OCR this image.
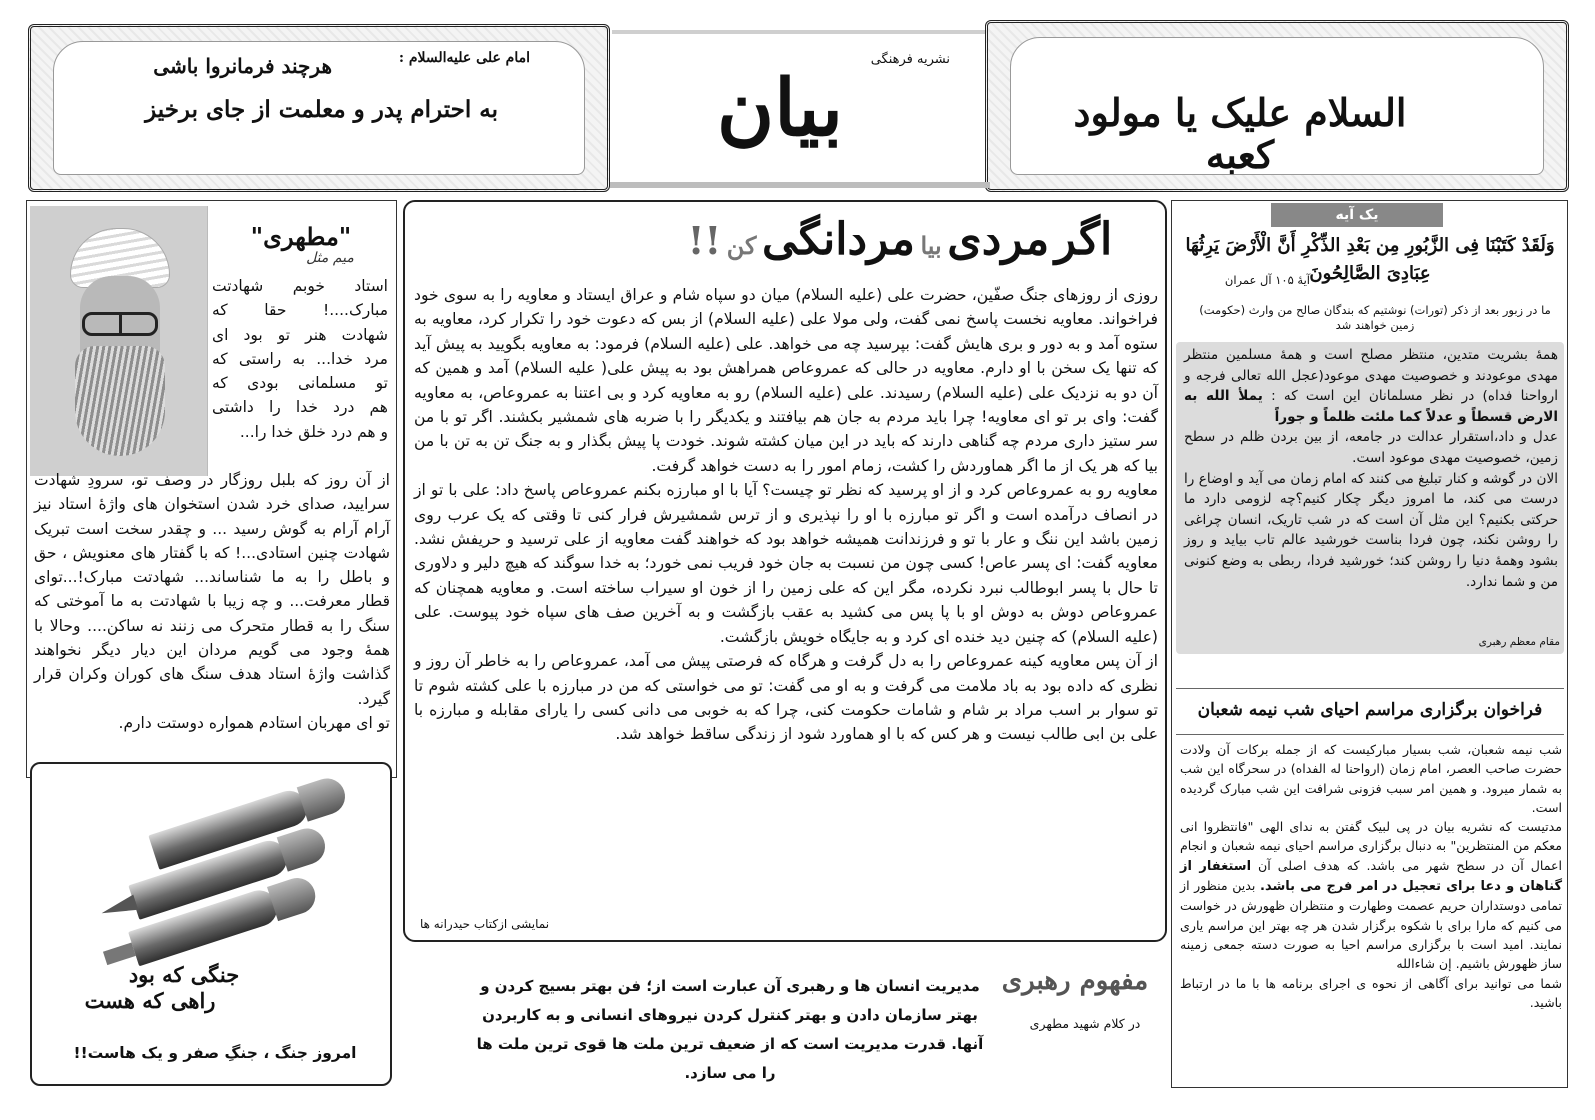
امام علی علیه‌السلام :
هرچند فرمانروا باشی
به احترام پدر و معلمت از جای برخیز
نشریه فرهنگی
بیان	السلام علیک یا مولود کعبه
"مطهری"
میم مثل

استاد خوبم شهادتت

مبارک....! حقا که

شهادت هنر تو بود ای

مرد خدا... به راستی که

تو مسلمانی بودی که

هم درد خدا را داشتی

و هم درد خلق خدا را...

از آن روز که بلبل روزگار در وصف تو، سرودِ شهادت سرایید، صدای خرد شدن استخوان های واژۀ استاد نیز آرام آرام به گوش رسید ... و چقدر سخت است تبریک شهادت چنین استادی...! که با گفتار های معنویش ، حق و باطل را به ما شناساند... شهادتت مبارک!...توای قطار معرفت... و چه زیبا با شهادتت به ما آموختی که سنگ را به قطار متحرک می زنند نه ساکن.... وحالا با همۀ وجود می گویم مردان این دیار دیگر نخواهند گذاشت واژۀ استاد هدف سنگ های کوران وکران قرار گیرد.

تو ای مهربان استادم همواره دوستت دارم.

جنگی که بود
راهی که هست
امروز جنگ ، جنگِ صفر و یک هاست!!
اگر مردی بیا مردانگی کن !!

روزی از روزهای جنگ صفّین، حضرت علی (علیه السلام) میان دو سپاه شام و عراق ایستاد و معاویه را به سوی خود فراخواند. معاویه نخست پاسخ نمی گفت، ولی مولا علی (علیه السلام) از بس که دعوت خود را تکرار کرد، معاویه به ستوه آمد و به دور و بری هایش گفت: بپرسید چه می خواهد. علی (علیه السلام) فرمود: به معاویه بگویید به پیش آید که تنها یک سخن با او دارم. معاویه در حالی که عمروعاص همراهش بود به پیش علی( علیه السلام) آمد و همین که آن دو به نزدیک علی (علیه السلام) رسیدند. علی (علیه السلام) رو به معاویه کرد و بی اعتنا به عمروعاص، به معاویه گفت: وای بر تو ای معاویه! چرا باید مردم به جان هم بیافتند و یکدیگر را با ضربه های شمشیر بکشند. اگر تو با من سر ستیز داری مردم چه گناهی دارند که باید در این میان کشته شوند. خودت پا پیش بگذار و به جنگ تن به تن با من بیا که هر یک از ما اگر هماوردش را کشت، زمام امور را به دست خواهد گرفت.

معاویه رو به عمروعاص کرد و از او پرسید که نظر تو چیست؟ آیا با او مبارزه بکنم عمروعاص پاسخ داد: علی با تو از در انصاف درآمده است و اگر تو مبارزه با او را نپذیری و از ترس شمشیرش فرار کنی تا وقتی که یک عرب روی زمین باشد این ننگ و عار با تو و فرزندانت همیشه خواهد بود که خواهند گفت معاویه از علی ترسید و حریفش نشد. معاویه گفت: ای پسر عاص! کسی چون من نسبت به جان خود فریب نمی خورد؛ به خدا سوگند که هیچ دلیر و دلاوری تا حال با پسر ابوطالب نبرد نکرده، مگر این که علی زمین را از خون او سیراب ساخته است. و معاویه همچنان که عمروعاص دوش به دوش او با پا پس می کشید به عقب بازگشت و به آخرین صف های سپاه خود پیوست. علی (علیه السلام) که چنین دید خنده ای کرد و به جایگاه خویش بازگشت.

از آن پس معاویه کینه عمروعاص را به دل گرفت و هرگاه که فرصتی پیش می آمد، عمروعاص را به خاطر آن روز و نظری که داده بود به باد ملامت می گرفت و به او می گفت: تو می خواستی که من در مبارزه با علی کشته شوم تا تو سوار بر اسب مراد بر شام و شامات حکومت کنی، چرا که به خوبی می دانی کسی را یارای مقابله و مبارزه با علی بن ابی طالب نیست و هر کس که با او هماورد شود از زندگی ساقط خواهد شد.

نمایشی ازکتاب حیدرانه ها
مفهوم رهبری
در کلام شهید مطهری
مدیریت انسان ها و رهبری آن عبارت است از؛ فن بهتر بسیج کردن و بهتر سازمان دادن و بهتر کنترل کردن نیروهای انسانی و به کاربردن آنها. قدرت مدیریت است که از ضعیف ترین ملت ها قوی ترین ملت ها را می سازد.
یک آیه
وَلَقَدْ کَتَبْنَا فِی الزَّبُورِ مِن بَعْدِ الذِّکْرِ أَنَّ الْأَرْضَ یَرِثُهَا عِبَادِیَ الصَّالِحُونَ
آیهٔ ۱۰۵ آل عمران
ما در زبور بعد از ذکر (تورات) نوشتیم که بندگان صالح من وارث (حکومت) زمین خواهند شد

همۀ بشریت متدین، منتظر مصلح است و همۀ مسلمین منتظر مهدی موعودند و خصوصیت مهدی موعود(عجل الله تعالی فرجه و ارواحنا فداه) در نظر مسلمانان این است که : یملأ الله به الارض قسطاً و عدلاً کما ملئت ظلماً و جوراً

عدل و داد،استقرار عدالت در جامعه، از بین بردن ظلم در سطح زمین، خصوصیت مهدی موعود است.

الان در گوشه و کنار تبلیغ می کنند که امام زمان می آید و اوضاع را درست می کند، ما امروز دیگر چکار کنیم؟چه لزومی دارد ما حرکتی بکنیم؟ این مثل آن است که در شب تاریک، انسان چراغی را روشن نکند، چون فردا بناست خورشید عالم تاب بیاید و روز بشود وهمۀ دنیا را روشن کند؛ خورشید فردا، ربطی به وضع کنونی من و شما ندارد.

مقام معظم رهبری
فراخوان برگزاری مراسم احیای شب نیمه شعبان

شب نیمه شعبان، شب بسیار مبارکیست که از جمله برکات آن ولادت حضرت صاحب العصر، امام زمان (ارواحنا له الفداه) در سحرگاه این شب به شمار میرود. و همین امر سبب فزونی شرافت این شب مبارک گردیده است.

مدتیست که نشریه بیان در پی لبیک گفتن به ندای الهی "فانتظروا انی معکم من المنتظرین" به دنبال برگزاری مراسم احیای نیمه شعبان و انجام اعمال آن در سطح شهر می باشد. که هدف اصلی آن استغفار از گناهان و دعا برای تعجیل در امر فرج می باشد. بدین منظور از تمامی دوستداران حریم عصمت وطهارت و منتظران ظهورش در خواست می کنیم که مارا برای با شکوه برگزار شدن هر چه بهتر این مراسم یاری نمایند. امید است با برگزاری مراسم احیا به صورت دسته جمعی زمینه ساز ظهورش باشیم. إن شاءالله

شما می توانید برای آگاهی از نحوه ی اجرای برنامه ها با ما در ارتباط باشید.
